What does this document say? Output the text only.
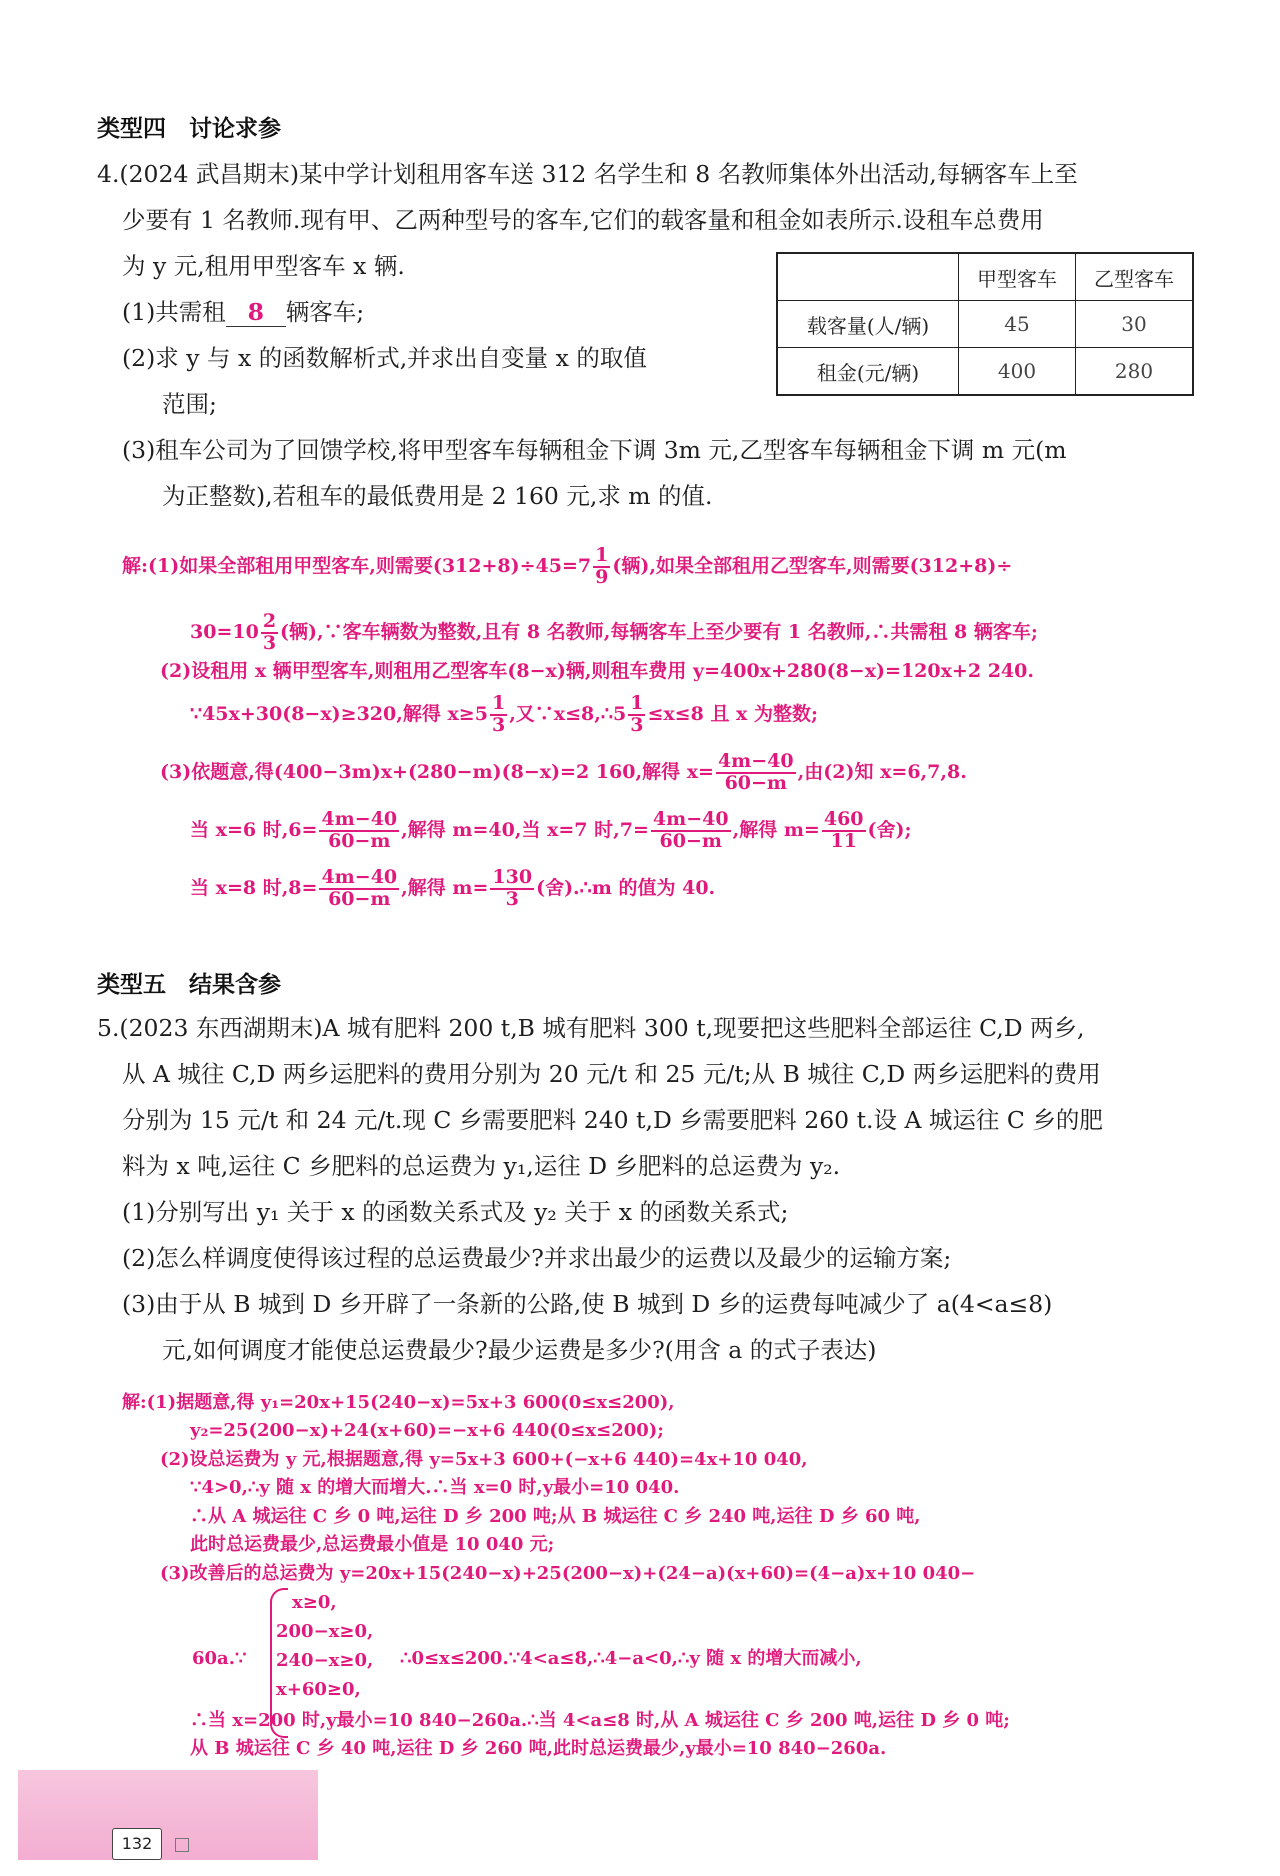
类型四　讨论求参
4.(2024 武昌期末)某中学计划租用客车送 312 名学生和 8 名教师集体外出活动,每辆客车上至
少要有 1 名教师.现有甲、乙两种型号的客车,它们的载客量和租金如表所示.设租车总费用
为 y 元,租用甲型客车 x 辆.
(1)共需租 8 辆客车;
(2)求 y 与 x 的函数解析式,并求出自变量 x 的取值
范围;
(3)租车公司为了回馈学校,将甲型客车每辆租金下调 3m 元,乙型客车每辆租金下调 m 元(m
为正整数),若租车的最低费用是 2 160 元,求 m 的值.
	甲型客车	乙型客车
载客量(人/辆)	45	30
租金(元/辆)	400	280
解:(1)如果全部租用甲型客车,则需要$(312+8)\div 45=7 \frac{1}{9}$ (辆),如果全部租用乙型客车,则需要(312+8)÷
$30=10 \frac{2}{3}$ (辆),∵客车辆数为整数,且有 8 名教师,每辆客车上至少要有 1 名教师,∴共需租 8 辆客车;
(2)设租用 x 辆甲型客车,则租用乙型客车(8−x)辆,则租车费用 y=400x+280(8−x)=120x+2 240.
∵45x+30(8−x)≥320,解得 $x\ge 5 \frac{1}{3}$ ,又∵x≤8,∴5 $\frac{1}{3} \le x\le 8$ 且 x 为整数;
(3)依题意,得(400−3m)x+(280−m)(8−x)=2 160,解得 $x= \frac{4m-40}{60-m}$ ,由(2)知 x=6,7,8.
当 x=6 时$,6= \frac{4m-40}{60-m}$ ,解得 m=40,当 x=7 时$,7= \frac{4m-40}{60-m}$ ,解得 $m= \frac{460}{11}$ (舍);
当 x=8 时$,8= \frac{4m-40}{60-m}$ ,解得 $m= \frac{130}{3}$ (舍).∴m 的值为 40.
类型五　结果含参
5.(2023 东西湖期末)A 城有肥料 200 t,B 城有肥料 300 t,现要把这些肥料全部运往 C,D 两乡,
从 A 城往 C,D 两乡运肥料的费用分别为 20 元/t 和 25 元/t;从 B 城往 C,D 两乡运肥料的费用
分别为 15 元/t 和 24 元/t.现 C 乡需要肥料 240 t,D 乡需要肥料 260 t.设 A 城运往 C 乡的肥
料为 x 吨,运往 C 乡肥料的总运费为 y₁,运往 D 乡肥料的总运费为 y₂.
(1)分别写出 y₁ 关于 x 的函数关系式及 y₂ 关于 x 的函数关系式;
(2)怎么样调度使得该过程的总运费最少?并求出最少的运费以及最少的运输方案;
(3)由于从 B 城到 D 乡开辟了一条新的公路,使 B 城到 D 乡的运费每吨减少了 a(4<a≤8)
元,如何调度才能使总运费最少?最少运费是多少?(用含 a 的式子表达)
解:(1)据题意,得 y₁=20x+15(240−x)=5x+3 600(0≤x≤200),
y₂=25(200−x)+24(x+60)=−x+6 440(0≤x≤200);
(2)设总运费为 y 元,根据题意,得 y=5x+3 600+(−x+6 440)=4x+10 040,
∵4>0,∴y 随 x 的增大而增大.∴当 x=0 时,y最小=10 040.
∴从 A 城运往 C 乡 0 吨,运往 D 乡 200 吨;从 B 城运往 C 乡 240 吨,运往 D 乡 60 吨,
此时总运费最少,总运费最小值是 10 040 元;
(3)改善后的总运费为 y=20x+15(240−x)+25(200−x)+(24−a)(x+60)=(4−a)x+10 040−
60a.∵
x≥0,
200−x≥0,
240−x≥0,
x+60≥0,
∴0≤x≤200.∵4<a≤8,∴4−a<0,∴y 随 x 的增大而减小,
∴当 x=200 时,y最小=10 840−260a.∴当 4<a≤8 时,从 A 城运往 C 乡 200 吨,运往 D 乡 0 吨;
从 B 城运往 C 乡 40 吨,运往 D 乡 260 吨,此时总运费最少,y最小=10 840−260a.
132
